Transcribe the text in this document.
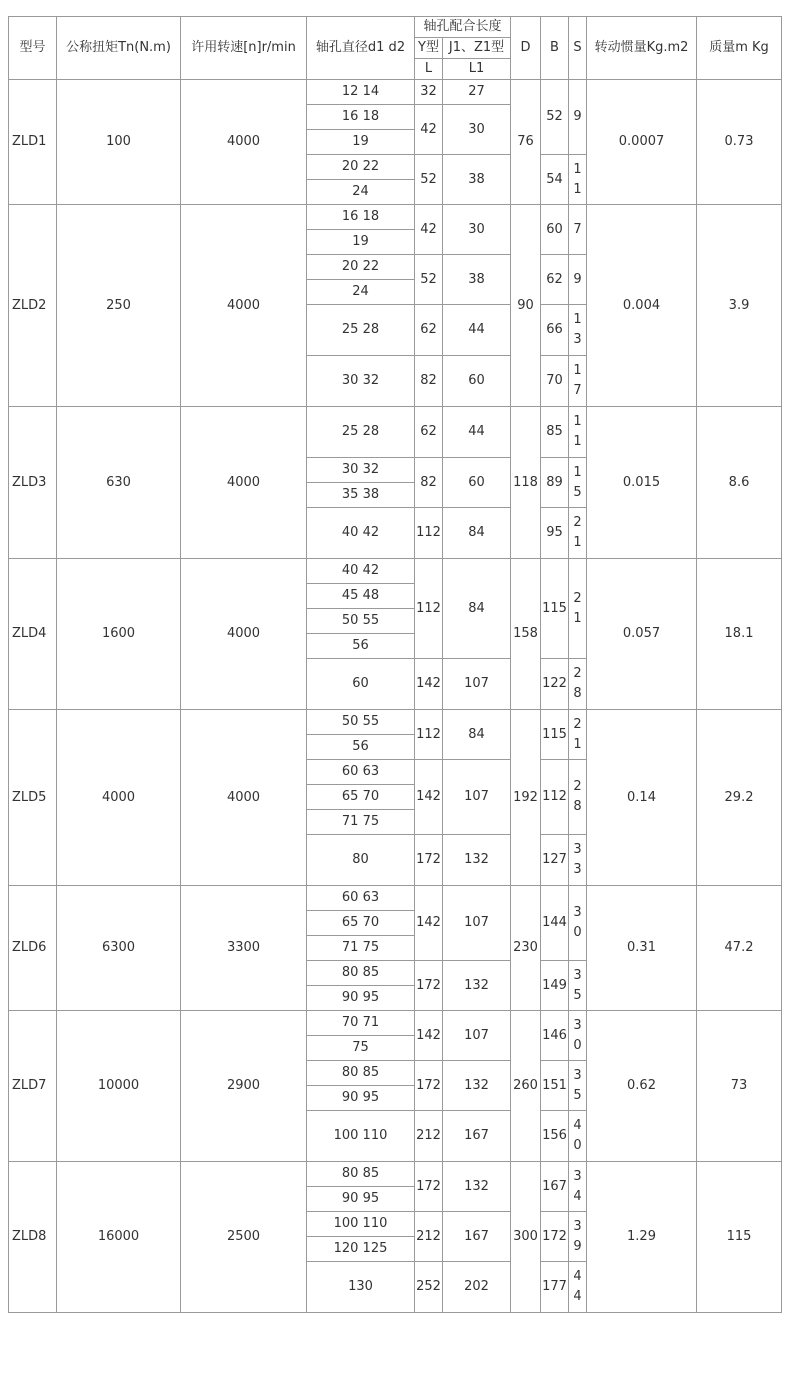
型号	公称扭矩Tn(N.m)	许用转速[n]r/min	轴孔直径d1 d2	轴孔配合长度		D	B	S	转动惯量Kg.m2	质量m Kg
				Y型	J1、Z1型					
				L	L1					
ZLD1	100	4000	12 14	32	27	76	52	9	0.0007	0.73
			16 18	42	30					
			19							
			20 22	52	38		54	11		
			24							
ZLD2	250	4000	16 18	42	30	90	60	7	0.004	3.9
			19							
			20 22	52	38		62	9		
			24							
			25 28	62	44		66	13		
			30 32	82	60		70	17		
ZLD3	630	4000	25 28	62	44	118	85	11	0.015	8.6
			30 32	82	60		89	15		
			35 38							
			40 42	112	84		95	21		
ZLD4	1600	4000	40 42	112	84	158	115	21	0.057	18.1
			45 48							
			50 55							
			56							
			60	142	107		122	28		
ZLD5	4000	4000	50 55	112	84	192	115	21	0.14	29.2
			56							
			60 63	142	107		112	28		
			65 70							
			71 75							
			80	172	132		127	33		
ZLD6	6300	3300	60 63	142	107	230	144	30	0.31	47.2
			65 70							
			71 75							
			80 85	172	132		149	35		
			90 95							
ZLD7	10000	2900	70 71	142	107	260	146	30	0.62	73
			75							
			80 85	172	132		151	35		
			90 95							
			100 110	212	167		156	40		
ZLD8	16000	2500	80 85	172	132	300	167	34	1.29	115
			90 95							
			100 110	212	167		172	39		
			120 125							
			130	252	202		177	44		
